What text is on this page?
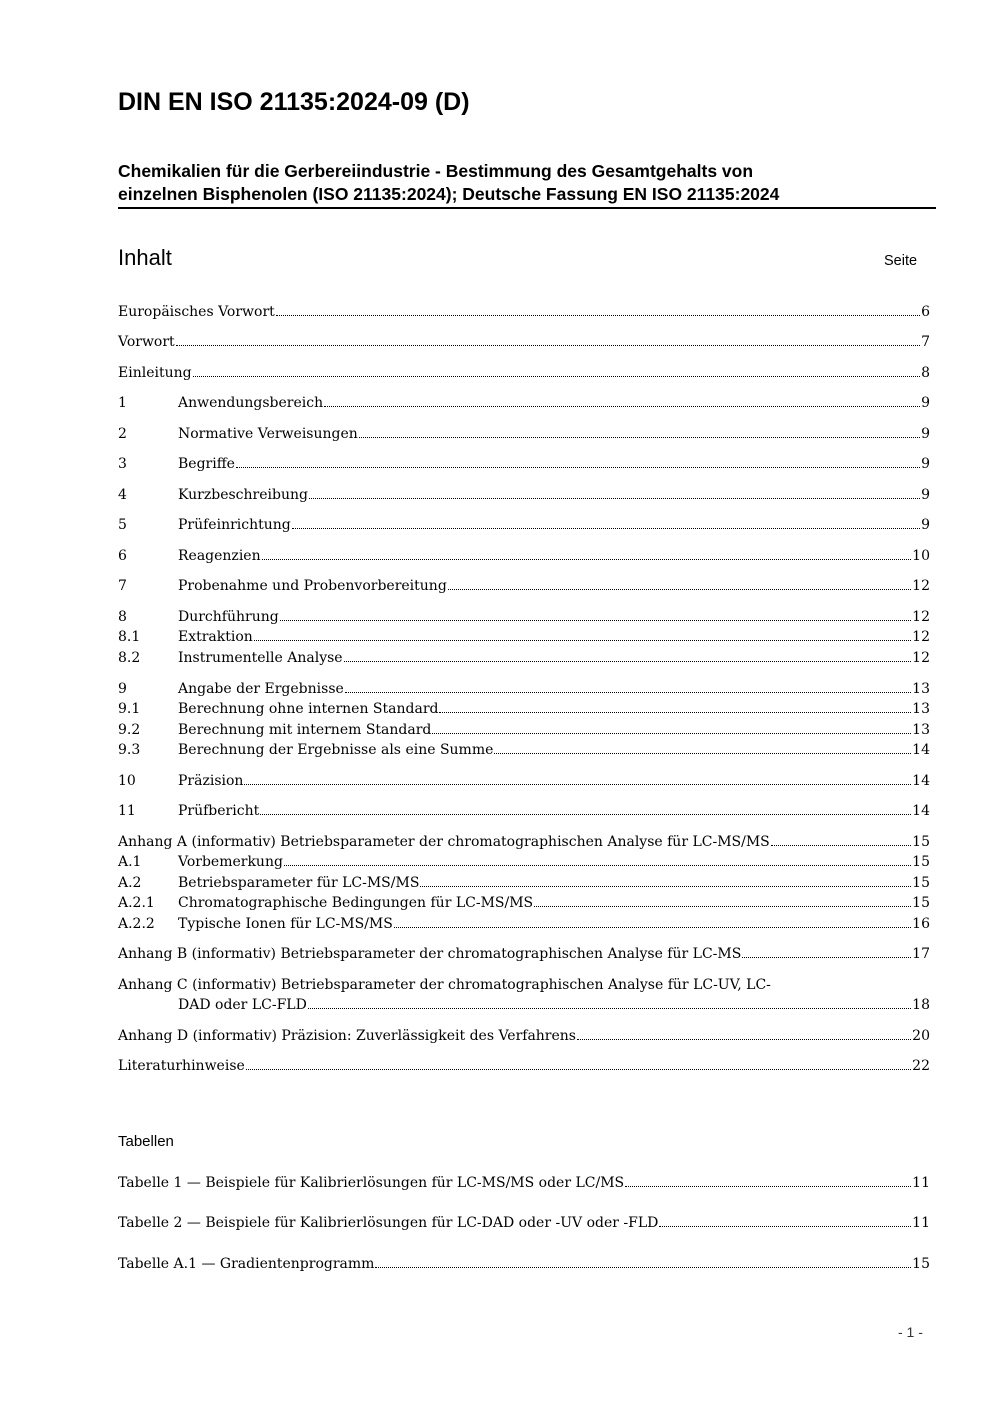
DIN EN ISO 21135:2024-09 (D)
Chemikalien für die Gerbereiindustrie - Bestimmung des Gesamtgehalts von
einzelnen Bisphenolen (ISO 21135:2024); Deutsche Fassung EN ISO 21135:2024
Inhalt	Seite
Europäisches Vorwort	6
Vorwort	7
Einleitung	8
1	Anwendungsbereich	9
2	Normative Verweisungen	9
3	Begriffe	9
4	Kurzbeschreibung	9
5	Prüfeinrichtung	9
6	Reagenzien	10
7	Probenahme und Probenvorbereitung	12
8	Durchführung	12
8.1	Extraktion	12
8.2	Instrumentelle Analyse	12
9	Angabe der Ergebnisse	13
9.1	Berechnung ohne internen Standard	13
9.2	Berechnung mit internem Standard	13
9.3	Berechnung der Ergebnisse als eine Summe	14
10	Präzision	14
11	Prüfbericht	14
Anhang A (informativ) Betriebsparameter der chromatographischen Analyse für LC-MS/MS	15
A.1	Vorbemerkung	15
A.2	Betriebsparameter für LC-MS/MS	15
A.2.1	Chromatographische Bedingungen für LC-MS/MS	15
A.2.2	Typische Ionen für LC-MS/MS	16
Anhang B (informativ) Betriebsparameter der chromatographischen Analyse für LC-MS	17
Anhang C (informativ) Betriebsparameter der chromatographischen Analyse für LC-UV, LC-
DAD oder LC-FLD	18
Anhang D (informativ) Präzision: Zuverlässigkeit des Verfahrens	20
Literaturhinweise	22
Tabellen
Tabelle 1 — Beispiele für Kalibrierlösungen für LC-MS/MS oder LC/MS	11
Tabelle 2 — Beispiele für Kalibrierlösungen für LC-DAD oder -UV oder -FLD	11
Tabelle A.1 — Gradientenprogramm	15
- 1 -
